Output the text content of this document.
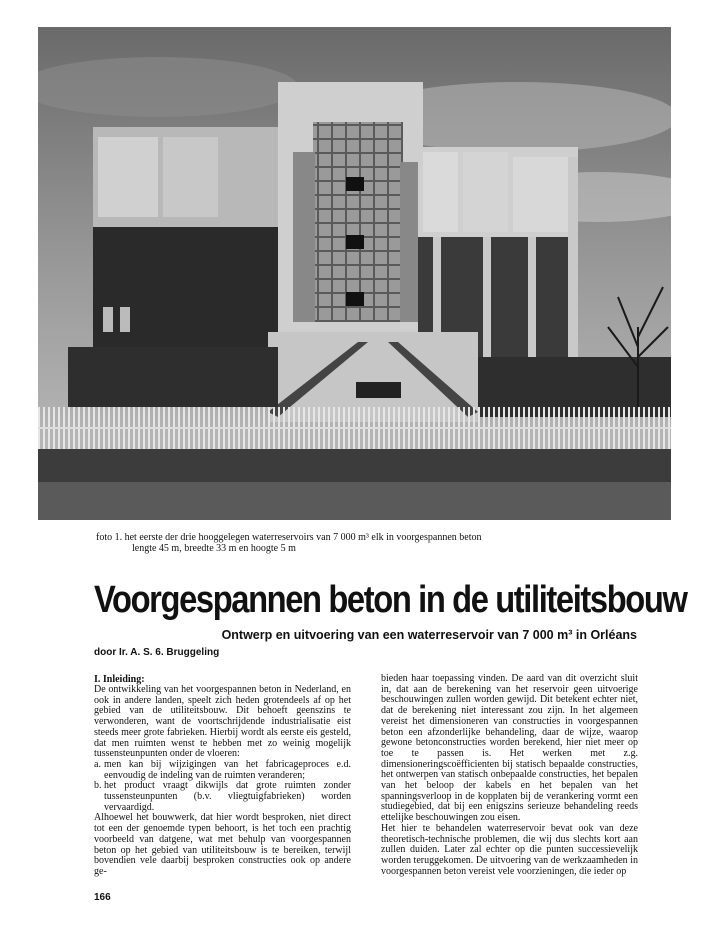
foto 1. het eerste der drie hooggelegen waterreservoirs van 7 000 m³ elk in voorgespannen beton
lengte 45 m, breedte 33 m en hoogte 5 m
Voorgespannen beton in de utiliteitsbouw
Ontwerp en uitvoering van een waterreservoir van 7 000 m³ in Orléans
door Ir. A. S. 6. Bruggeling
I. Inleiding:

De ontwikkeling van het voorgespannen beton in Nederland, en ook in andere landen, speelt zich heden grotendeels af op het gebied van de utiliteitsbouw. Dit behoeft geenszins te verwonderen, want de voortschrijdende industrialisatie eist steeds meer grote fabrieken. Hierbij wordt als eerste eis gesteld, dat men ruimten wenst te hebben met zo weinig mogelijk tussensteunpunten onder de vloeren:

a. men kan bij wijzigingen van het fabricageproces e.d. eenvoudig de indeling van de ruimten veranderen;
b. het product vraagt dikwijls dat grote ruimten zonder tussensteunpunten (b.v. vliegtuigfabrieken) worden vervaardigd.

Alhoewel het bouwwerk, dat hier wordt besproken, niet direct tot een der genoemde typen behoort, is het toch een prachtig voorbeeld van datgene, wat met behulp van voorgespannen beton op het gebied van utiliteitsbouw is te bereiken, terwijl bovendien vele daarbij besproken constructies ook op andere ge-

bieden haar toepassing vinden. De aard van dit overzicht sluit in, dat aan de berekening van het reservoir geen uitvoerige beschouwingen zullen worden gewijd. Dit betekent echter niet, dat de berekening niet interessant zou zijn. In het algemeen vereist het dimensioneren van constructies in voorgespannen beton een afzonderlijke behandeling, daar de wijze, waarop gewone betonconstructies worden berekend, hier niet meer op toe te passen is. Het werken met z.g. dimensioneringscoëfficienten bij statisch bepaalde constructies, het ontwerpen van statisch onbepaalde constructies, het bepalen van het beloop der kabels en het bepalen van het spanningsverloop in de kopplaten bij de verankering vormt een studiegebied, dat bij een enigszins serieuze behandeling reeds ettelijke beschouwingen zou eisen.

Het hier te behandelen waterreservoir bevat ook van deze theoretisch-technische problemen, die wij dus slechts kort aan zullen duiden. Later zal echter op die punten successievelijk worden teruggekomen. De uitvoering van de werkzaamheden in voorgespannen beton vereist vele voorzieningen, die ieder op

166
